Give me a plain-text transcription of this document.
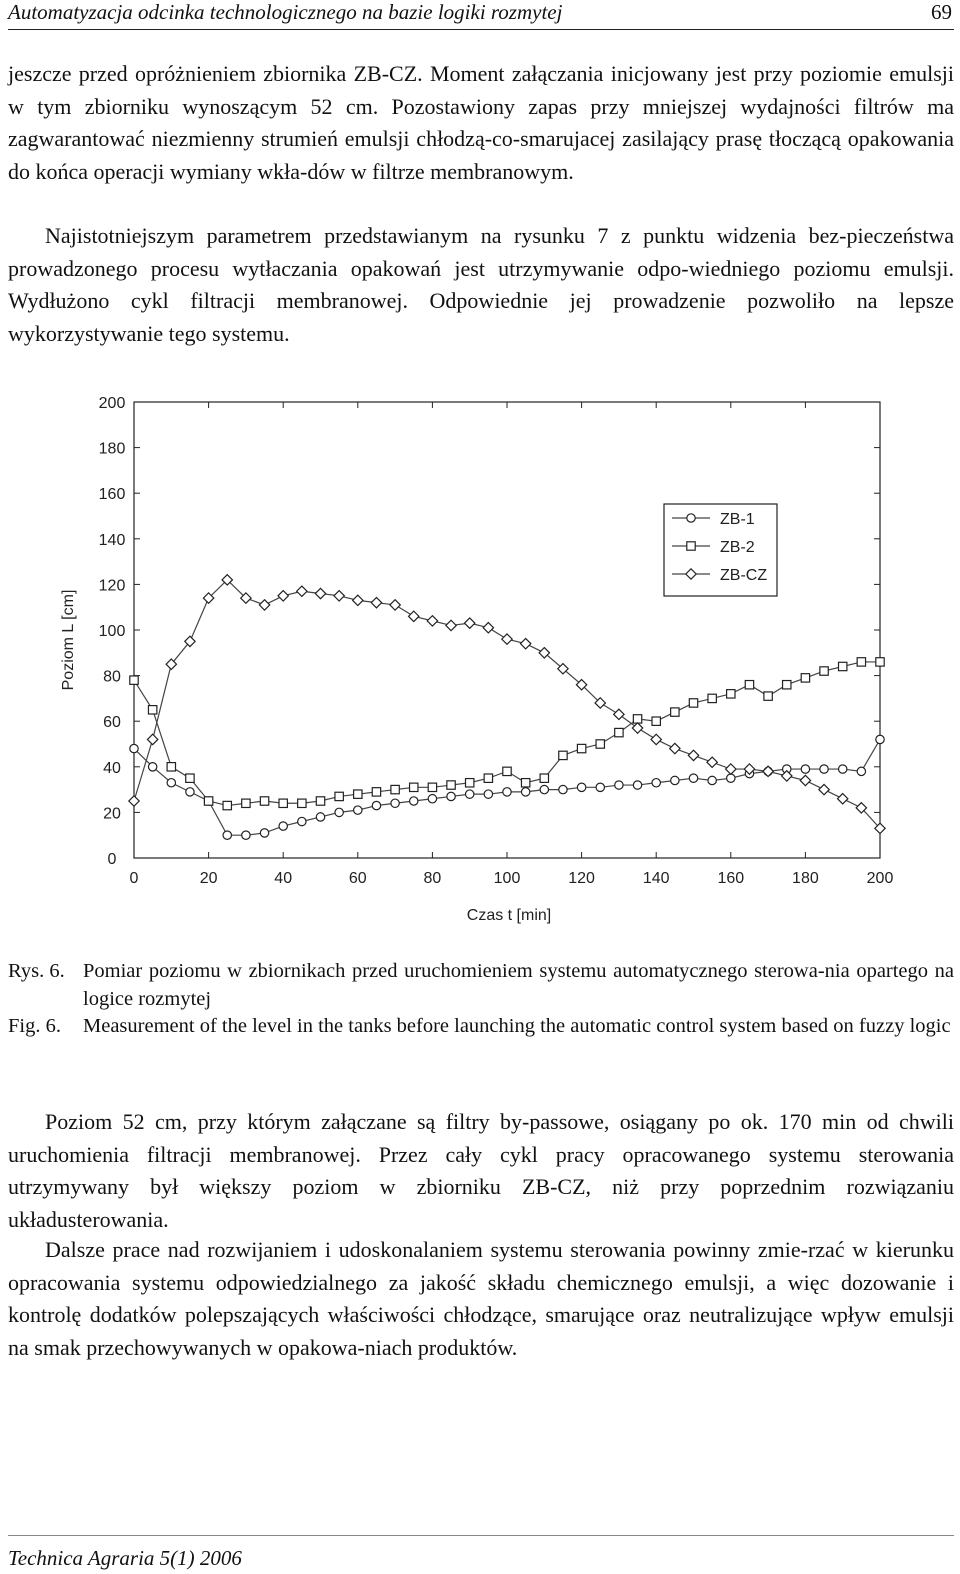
Automatyzacja odcinka technologicznego na bazie logiki rozmytej	69

jeszcze przed opróżnieniem zbiornika ZB-CZ. Moment załączania inicjowany jest przy poziomie emulsji w tym zbiorniku wynoszącym 52 cm. Pozostawiony zapas przy mniejszej wydajności filtrów ma zagwarantować niezmienny strumień emulsji chłodzą-co-smarujacej zasilający prasę tłoczącą opakowania do końca operacji wymiany wkła-dów w filtrze membranowym.

Najistotniejszym parametrem przedstawianym na rysunku 7 z punktu widzenia bez-pieczeństwa prowadzonego procesu wytłaczania opakowań jest utrzymywanie odpo-wiedniego poziomu emulsji. Wydłużono cykl filtracji membranowej. Odpowiednie jej prowadzenie pozwoliło na lepsze wykorzystywanie tego systemu.

0	20	40	60	80	100	120	140	160	180	200
0
20
40
60
80
100
120
140
160
180
200
Czas t [min]
Poziom L [cm]
ZB-1
ZB-2
ZB-CZ
Rys. 6. Pomiar poziomu w zbiornikach przed uruchomieniem systemu automatycznego sterowa-nia opartego na logice rozmytej
Fig. 6. Measurement of the level in the tanks before launching the automatic control system based on fuzzy logic

Poziom 52 cm, przy którym załączane są filtry by-passowe, osiągany po ok. 170 min od chwili uruchomienia filtracji membranowej. Przez cały cykl pracy opracowanego systemu sterowania utrzymywany był większy poziom w zbiorniku ZB-CZ, niż przy poprzednim rozwiązaniu układusterowania.

Dalsze prace nad rozwijaniem i udoskonalaniem systemu sterowania powinny zmie-rzać w kierunku opracowania systemu odpowiedzialnego za jakość składu chemicznego emulsji, a więc dozowanie i kontrolę dodatków polepszających właściwości chłodzące, smarujące oraz neutralizujące wpływ emulsji na smak przechowywanych w opakowa-niach produktów.

Technica Agraria 5(1) 2006
